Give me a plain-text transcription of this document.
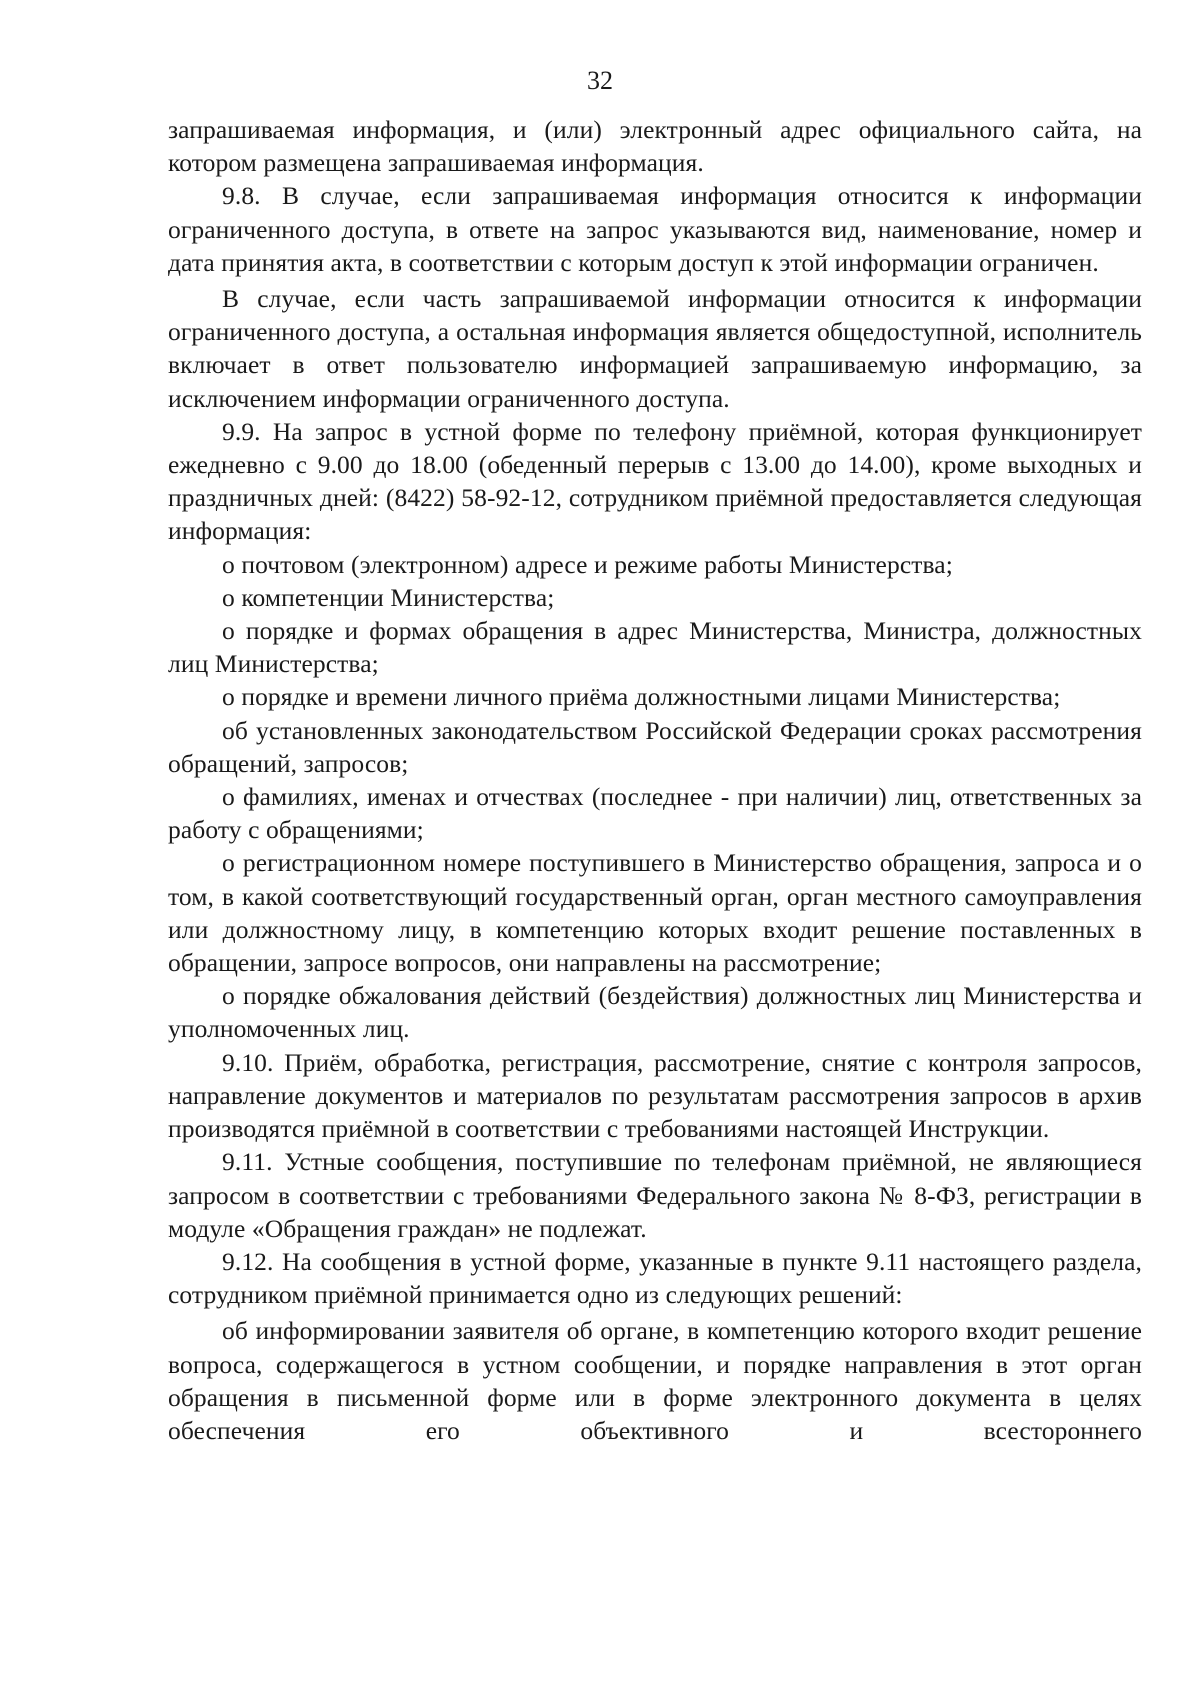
32

запрашиваемая информация, и (или) электронный адрес официального сайта, на котором размещена запрашиваемая информация.

9.8. В случае, если запрашиваемая информация относится к информации ограниченного доступа, в ответе на запрос указываются вид, наименование, номер и дата принятия акта, в соответствии с которым доступ к этой информации ограничен.

В случае, если часть запрашиваемой информации относится к информации ограниченного доступа, а остальная информация является общедоступной, исполнитель включает в ответ пользователю информацией запрашиваемую информацию, за исключением информации ограниченного доступа.

9.9. На запрос в устной форме по телефону приёмной, которая функционирует ежедневно с 9.00 до 18.00 (обеденный перерыв с 13.00 до 14.00), кроме выходных и праздничных дней: (8422) 58-92-12, сотрудником приёмной предоставляется следующая информация:

о почтовом (электронном) адресе и режиме работы Министерства;

о компетенции Министерства;

о порядке и формах обращения в адрес Министерства, Министра, должностных лиц Министерства;

о порядке и времени личного приёма должностными лицами Министерства;

об установленных законодательством Российской Федерации сроках рассмотрения обращений, запросов;

о фамилиях, именах и отчествах (последнее - при наличии) лиц, ответственных за работу с обращениями;

о регистрационном номере поступившего в Министерство обращения, запроса и о том, в какой соответствующий государственный орган, орган местного самоуправления или должностному лицу, в компетенцию которых входит решение поставленных в обращении, запросе вопросов, они направлены на рассмотрение;

о порядке обжалования действий (бездействия) должностных лиц Министерства и уполномоченных лиц.

9.10. Приём, обработка, регистрация, рассмотрение, снятие с контроля запросов, направление документов и материалов по результатам рассмотрения запросов в архив производятся приёмной в соответствии с требованиями настоящей Инструкции.

9.11. Устные сообщения, поступившие по телефонам приёмной, не являющиеся запросом в соответствии с требованиями Федерального закона № 8-ФЗ, регистрации в модуле «Обращения граждан» не подлежат.

9.12. На сообщения в устной форме, указанные в пункте 9.11 настоящего раздела, сотрудником приёмной принимается одно из следующих решений:

об информировании заявителя об органе, в компетенцию которого входит решение вопроса, содержащегося в устном сообщении, и порядке направления в этот орган обращения в письменной форме или в форме электронного документа в целях обеспечения его объективного и всестороннего
